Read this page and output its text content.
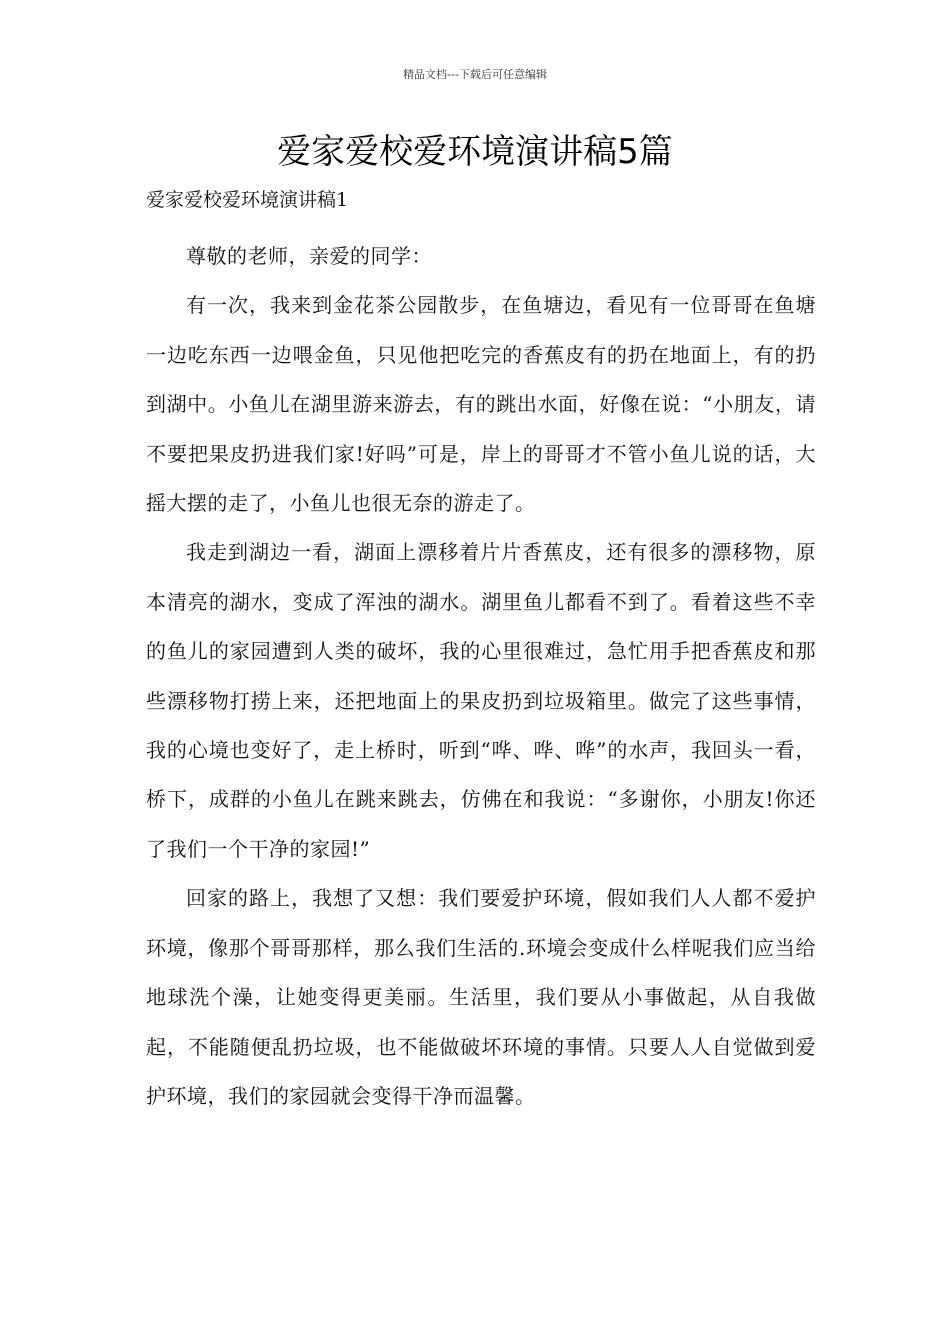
精品文档---下载后可任意编辑
爱家爱校爱环境演讲稿5篇

爱家爱校爱环境演讲稿1

尊敬的老师，亲爱的同学：

有一次，我来到金花茶公园散步，在鱼塘边，看见有一位哥哥在鱼塘一边吃东西一边喂金鱼，只见他把吃完的香蕉皮有的扔在地面上，有的扔到湖中。小鱼儿在湖里游来游去，有的跳出水面，好像在说：“小朋友，请不要把果皮扔进我们家!好吗”可是，岸上的哥哥才不管小鱼儿说的话，大摇大摆的走了，小鱼儿也很无奈的游走了。

我走到湖边一看，湖面上漂移着片片香蕉皮，还有很多的漂移物，原本清亮的湖水，变成了浑浊的湖水。湖里鱼儿都看不到了。看着这些不幸的鱼儿的家园遭到人类的破坏，我的心里很难过，急忙用手把香蕉皮和那些漂移物打捞上来，还把地面上的果皮扔到垃圾箱里。做完了这些事情，我的心境也变好了，走上桥时，听到“哗、哗、哗”的水声，我回头一看，桥下，成群的小鱼儿在跳来跳去，仿佛在和我说：“多谢你，小朋友!你还了我们一个干净的家园!”

回家的路上，我想了又想：我们要爱护环境，假如我们人人都不爱护环境，像那个哥哥那样，那么我们生活的.环境会变成什么样呢我们应当给地球洗个澡，让她变得更美丽。生活里，我们要从小事做起，从自我做起，不能随便乱扔垃圾，也不能做破坏环境的事情。只要人人自觉做到爱护环境，我们的家园就会变得干净而温馨。
